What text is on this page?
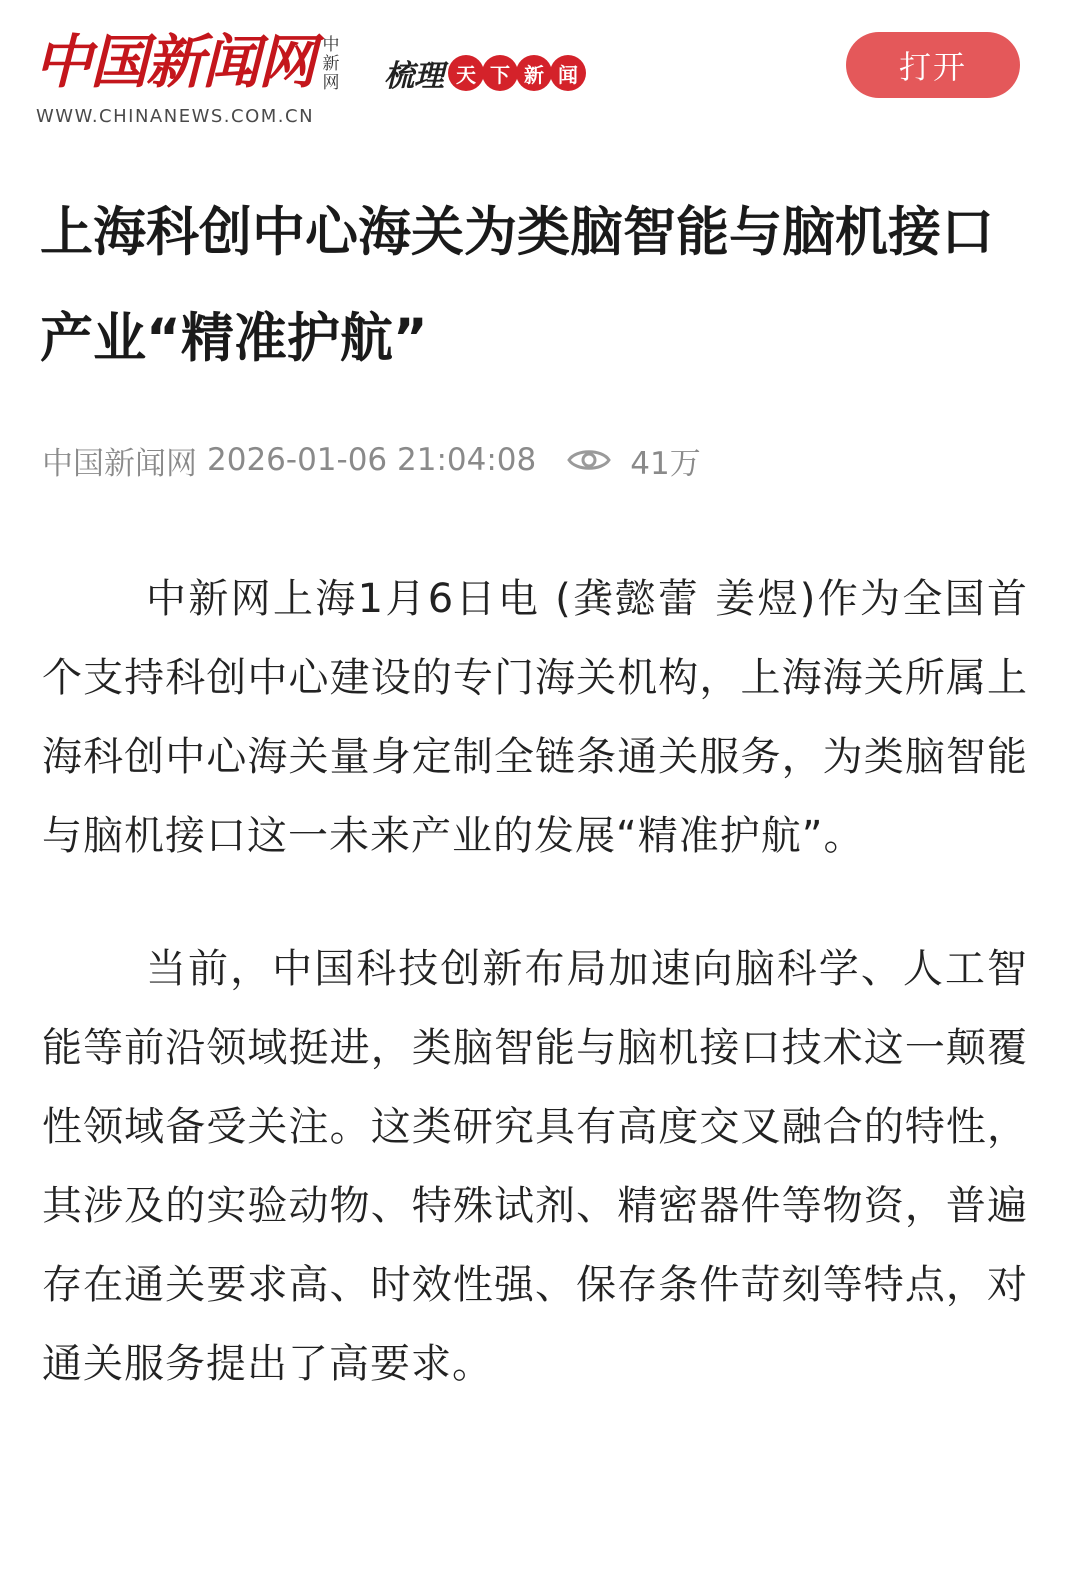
中国新闻网 中新网
WWW.CHINANEWS.COM.CN
梳理 天 下 新 闻	打开
上海科创中心海关为类脑智能与脑机接口产业“精准护航”
中国新闻网 2026-01-06 21:04:08	41万

中新网上海1月6日电 (龚懿蕾 姜煜)作为全国首个支持科创中心建设的专门海关机构，上海海关所属上海科创中心海关量身定制全链条通关服务，为类脑智能与脑机接口这一未来产业的发展“精准护航”。

当前，中国科技创新布局加速向脑科学、人工智能等前沿领域挺进，类脑智能与脑机接口技术这一颠覆性领域备受关注。这类研究具有高度交叉融合的特性，其涉及的实验动物、特殊试剂、精密器件等物资，普遍存在通关要求高、时效性强、保存条件苛刻等特点，对通关服务提出了高要求。
